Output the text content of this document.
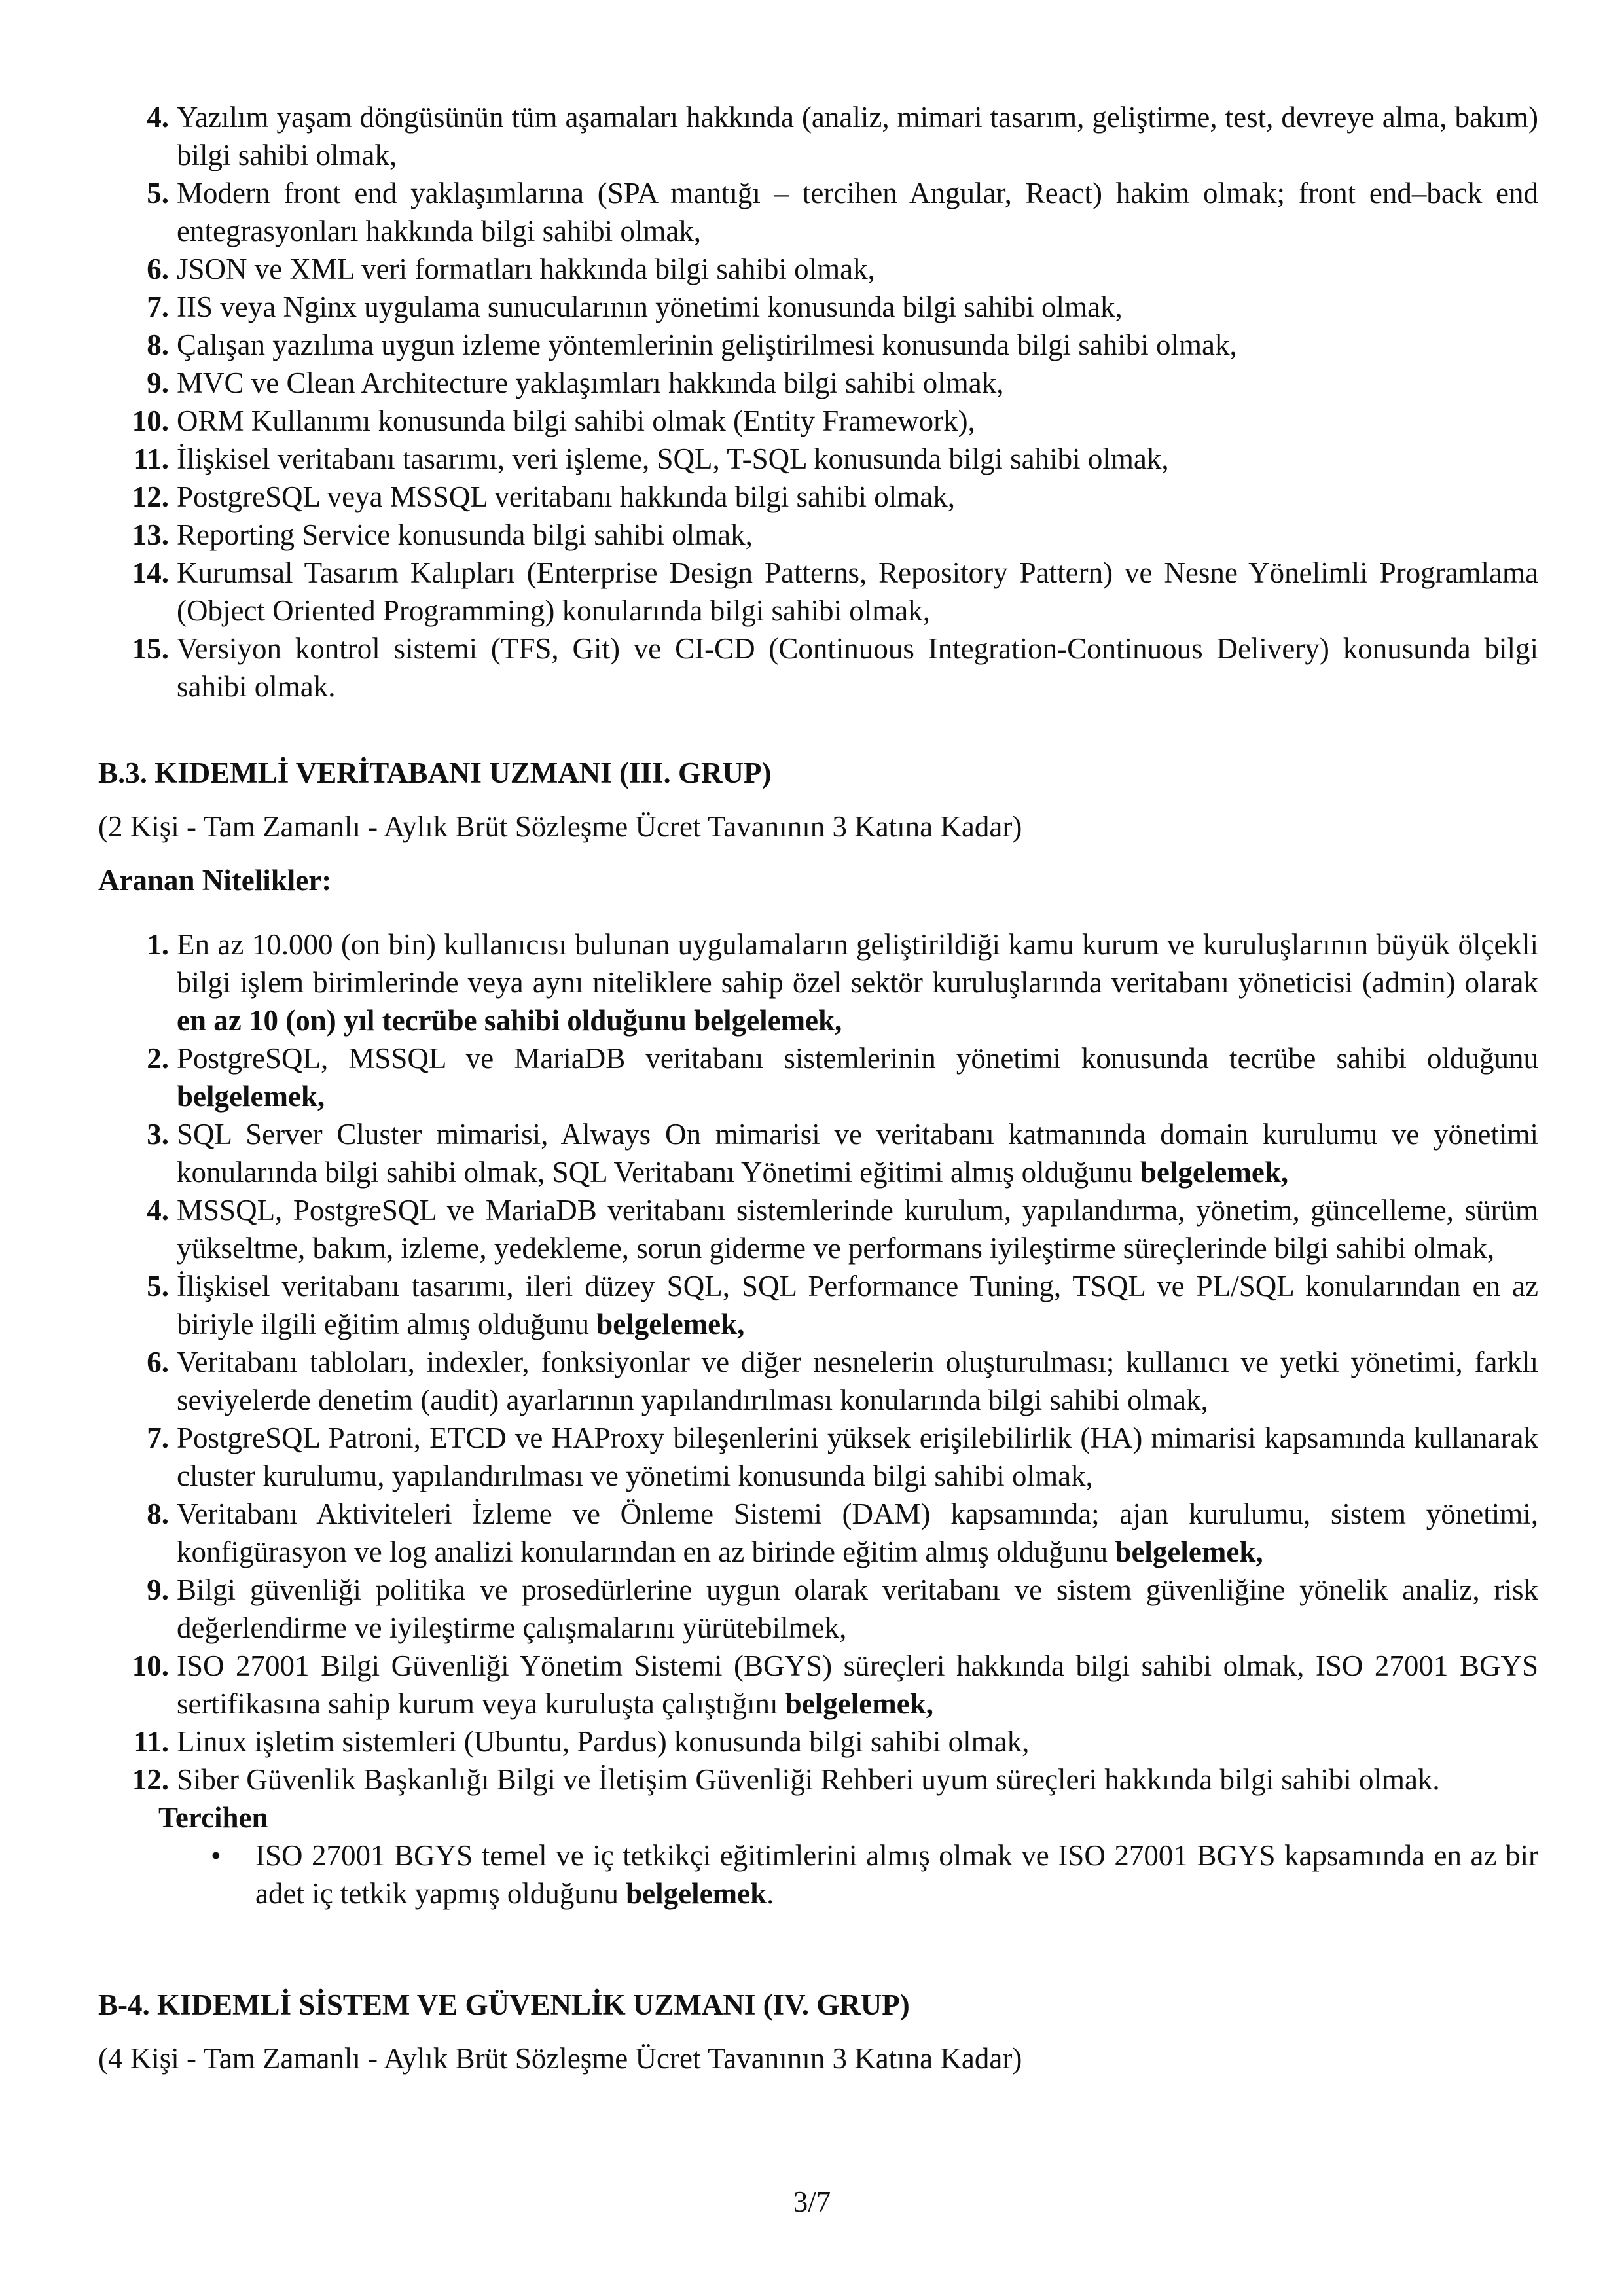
4. Yazılım yaşam döngüsünün tüm aşamaları hakkında (analiz, mimari tasarım, geliştirme, test, devreye alma, bakım) bilgi sahibi olmak,
5. Modern front end yaklaşımlarına (SPA mantığı – tercihen Angular, React) hakim olmak; front end–back end entegrasyonları hakkında bilgi sahibi olmak,
6. JSON ve XML veri formatları hakkında bilgi sahibi olmak,
7. IIS veya Nginx uygulama sunucularının yönetimi konusunda bilgi sahibi olmak,
8. Çalışan yazılıma uygun izleme yöntemlerinin geliştirilmesi konusunda bilgi sahibi olmak,
9. MVC ve Clean Architecture yaklaşımları hakkında bilgi sahibi olmak,
10. ORM Kullanımı konusunda bilgi sahibi olmak (Entity Framework),
11. İlişkisel veritabanı tasarımı, veri işleme, SQL, T-SQL konusunda bilgi sahibi olmak,
12. PostgreSQL veya MSSQL veritabanı hakkında bilgi sahibi olmak,
13. Reporting Service konusunda bilgi sahibi olmak,
14. Kurumsal Tasarım Kalıpları (Enterprise Design Patterns, Repository Pattern) ve Nesne Yönelimli Programlama (Object Oriented Programming) konularında bilgi sahibi olmak,
15. Versiyon kontrol sistemi (TFS, Git) ve CI-CD (Continuous Integration-Continuous Delivery) konusunda bilgi sahibi olmak.
B.3. KIDEMLİ VERİTABANI UZMANI (III. GRUP)
(2 Kişi - Tam Zamanlı - Aylık Brüt Sözleşme Ücret Tavanının 3 Katına Kadar)
Aranan Nitelikler:
1. En az 10.000 (on bin) kullanıcısı bulunan uygulamaların geliştirildiği kamu kurum ve kuruluşlarının büyük ölçekli bilgi işlem birimlerinde veya aynı niteliklere sahip özel sektör kuruluşlarında veritabanı yöneticisi (admin) olarak en az 10 (on) yıl tecrübe sahibi olduğunu belgelemek,
2. PostgreSQL, MSSQL ve MariaDB veritabanı sistemlerinin yönetimi konusunda tecrübe sahibi olduğunu belgelemek,
3. SQL Server Cluster mimarisi, Always On mimarisi ve veritabanı katmanında domain kurulumu ve yönetimi konularında bilgi sahibi olmak, SQL Veritabanı Yönetimi eğitimi almış olduğunu belgelemek,
4. MSSQL, PostgreSQL ve MariaDB veritabanı sistemlerinde kurulum, yapılandırma, yönetim, güncelleme, sürüm yükseltme, bakım, izleme, yedekleme, sorun giderme ve performans iyileştirme süreçlerinde bilgi sahibi olmak,
5. İlişkisel veritabanı tasarımı, ileri düzey SQL, SQL Performance Tuning, TSQL ve PL/SQL konularından en az biriyle ilgili eğitim almış olduğunu belgelemek,
6. Veritabanı tabloları, indexler, fonksiyonlar ve diğer nesnelerin oluşturulması; kullanıcı ve yetki yönetimi, farklı seviyelerde denetim (audit) ayarlarının yapılandırılması konularında bilgi sahibi olmak,
7. PostgreSQL Patroni, ETCD ve HAProxy bileşenlerini yüksek erişilebilirlik (HA) mimarisi kapsamında kullanarak cluster kurulumu, yapılandırılması ve yönetimi konusunda bilgi sahibi olmak,
8. Veritabanı Aktiviteleri İzleme ve Önleme Sistemi (DAM) kapsamında; ajan kurulumu, sistem yönetimi, konfigürasyon ve log analizi konularından en az birinde eğitim almış olduğunu belgelemek,
9. Bilgi güvenliği politika ve prosedürlerine uygun olarak veritabanı ve sistem güvenliğine yönelik analiz, risk değerlendirme ve iyileştirme çalışmalarını yürütebilmek,
10. ISO 27001 Bilgi Güvenliği Yönetim Sistemi (BGYS) süreçleri hakkında bilgi sahibi olmak, ISO 27001 BGYS sertifikasına sahip kurum veya kuruluşta çalıştığını belgelemek,
11. Linux işletim sistemleri (Ubuntu, Pardus) konusunda bilgi sahibi olmak,
12. Siber Güvenlik Başkanlığı Bilgi ve İletişim Güvenliği Rehberi uyum süreçleri hakkında bilgi sahibi olmak.
Tercihen
• ISO 27001 BGYS temel ve iç tetkikçi eğitimlerini almış olmak ve ISO 27001 BGYS kapsamında en az bir adet iç tetkik yapmış olduğunu belgelemek.
B-4. KIDEMLİ SİSTEM VE GÜVENLİK UZMANI (IV. GRUP)
(4 Kişi - Tam Zamanlı - Aylık Brüt Sözleşme Ücret Tavanının 3 Katına Kadar)
3/7
